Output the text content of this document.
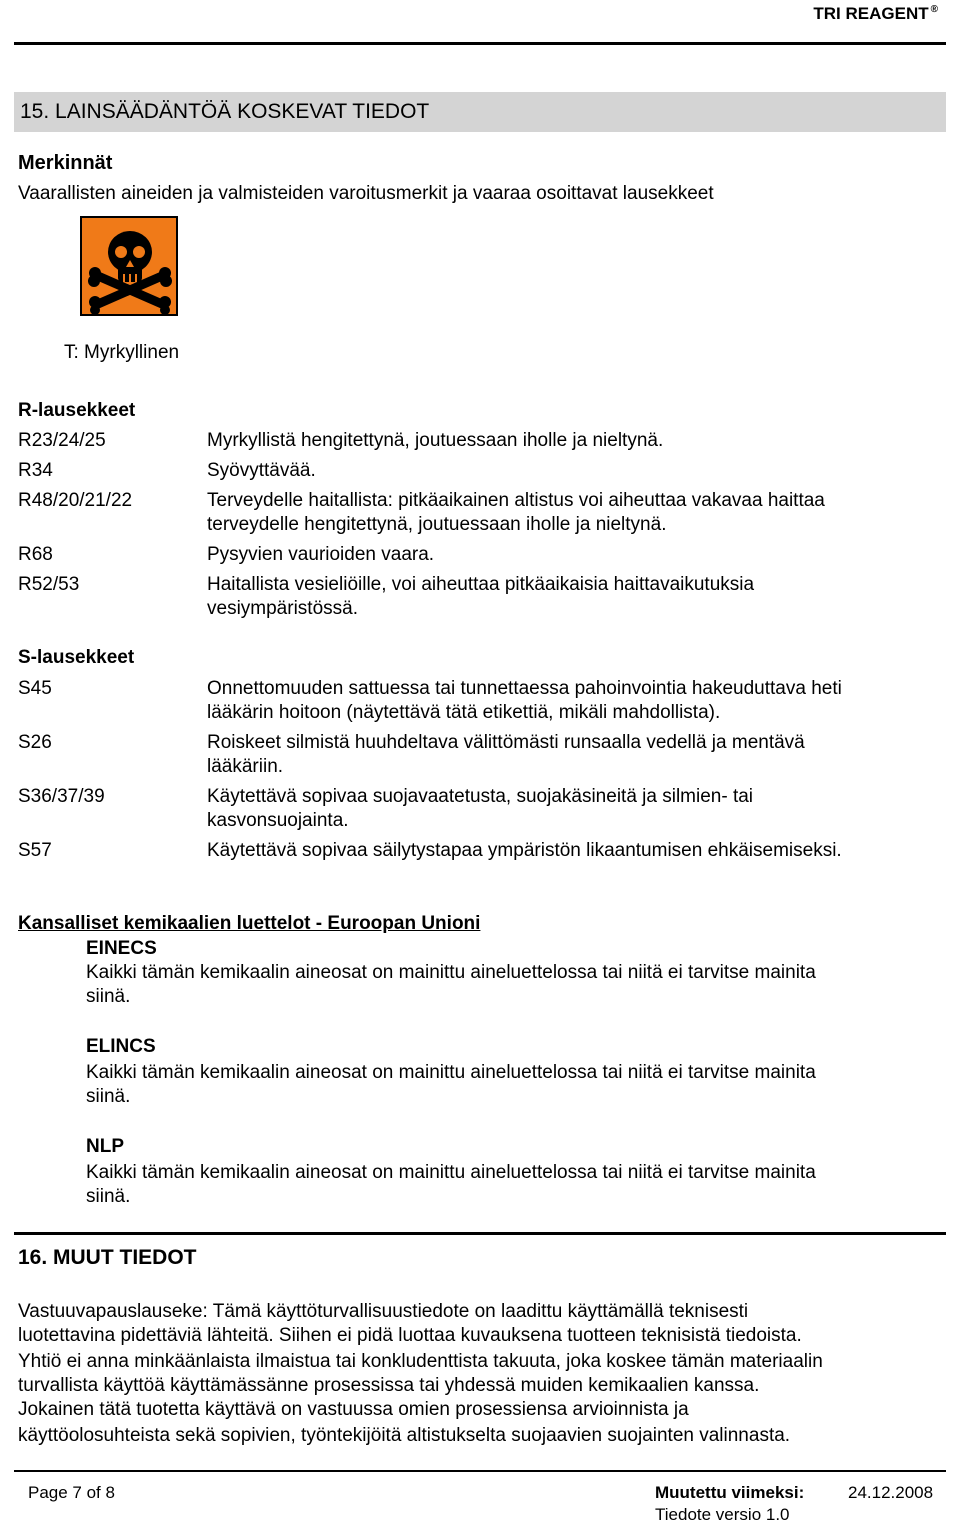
TRI REAGENT ®
15. LAINSÄÄDÄNTÖÄ KOSKEVAT TIEDOT
Merkinnät
Vaarallisten aineiden ja valmisteiden varoitusmerkit ja vaaraa osoittavat lausekkeet
T: Myrkyllinen
R-lausekkeet
R23/24/25	Myrkyllistä hengitettynä, joutuessaan iholle ja nieltynä.
R34	Syövyttävää.
R48/20/21/22	Terveydelle haitallista: pitkäaikainen altistus voi aiheuttaa vakavaa haittaa
terveydelle hengitettynä, joutuessaan iholle ja nieltynä.
R68	Pysyvien vaurioiden vaara.
R52/53	Haitallista vesieliöille, voi aiheuttaa pitkäaikaisia haittavaikutuksia
vesiympäristössä.
S-lausekkeet
S45	Onnettomuuden sattuessa tai tunnettaessa pahoinvointia hakeuduttava heti
lääkärin hoitoon (näytettävä tätä etikettiä, mikäli mahdollista).
S26	Roiskeet silmistä huuhdeltava välittömästi runsaalla vedellä ja mentävä
lääkäriin.
S36/37/39	Käytettävä sopivaa suojavaatetusta, suojakäsineitä ja silmien- tai
kasvonsuojainta.
S57	Käytettävä sopivaa säilytystapaa ympäristön likaantumisen ehkäisemiseksi.
Kansalliset kemikaalien luettelot - Euroopan Unioni
EINECS
Kaikki tämän kemikaalin aineosat on mainittu aineluettelossa tai niitä ei tarvitse mainita
siinä.
ELINCS
Kaikki tämän kemikaalin aineosat on mainittu aineluettelossa tai niitä ei tarvitse mainita
siinä.
NLP
Kaikki tämän kemikaalin aineosat on mainittu aineluettelossa tai niitä ei tarvitse mainita
siinä.
16. MUUT TIEDOT
Vastuuvapauslauseke: Tämä käyttöturvallisuustiedote on laadittu käyttämällä teknisesti
luotettavina pidettäviä lähteitä. Siihen ei pidä luottaa kuvauksena tuotteen teknisistä tiedoista.
Yhtiö ei anna minkäänlaista ilmaistua tai konkludenttista takuuta, joka koskee tämän materiaalin
turvallista käyttöä käyttämässänne prosessissa tai yhdessä muiden kemikaalien kanssa.
Jokainen tätä tuotetta käyttävä on vastuussa omien prosessiensa arvioinnista ja
käyttöolosuhteista sekä sopivien, työntekijöitä altistukselta suojaavien suojainten valinnasta.
Page 7 of 8	Muutettu viimeksi:	24.12.2008
Tiedote versio 1.0
